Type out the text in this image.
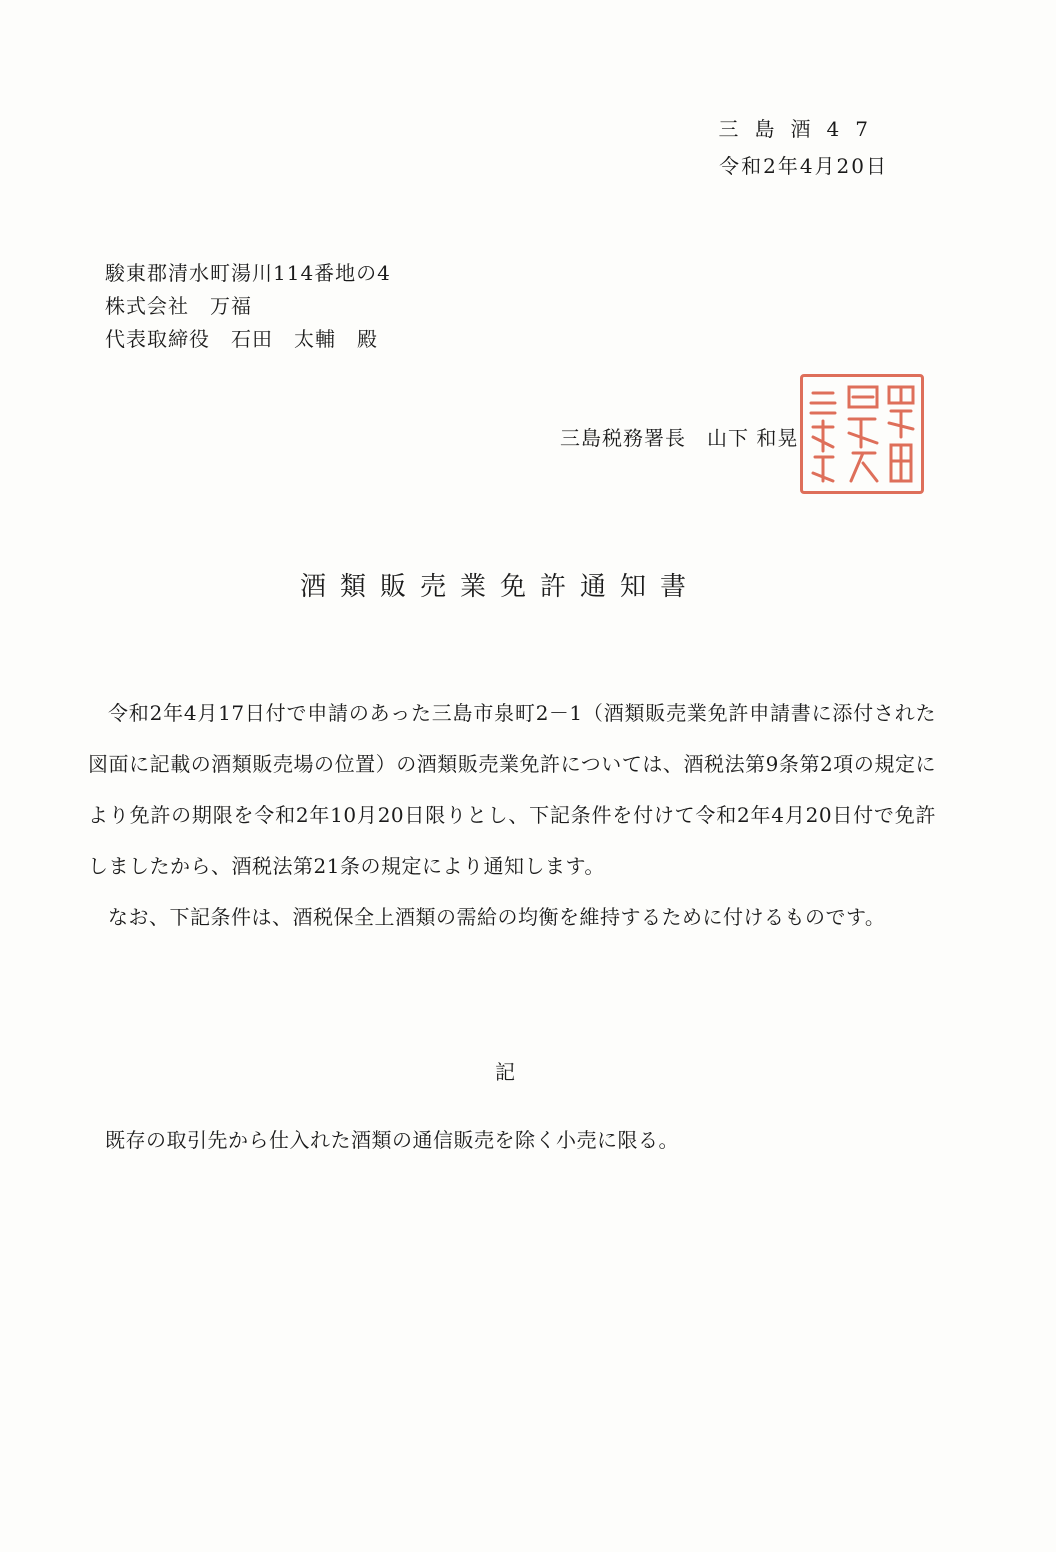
三島酒47
令和2年4月20日
駿東郡清水町湯川114番地の4
株式会社　万福
代表取締役　石田　太輔　殿
三島税務署長　山下 和晃
酒類販売業免許通知書

令和2年4月17日付で申請のあった三島市泉町2－1（酒類販売業免許申請書に添付された図面に記載の酒類販売場の位置）の酒類販売業免許については、酒税法第9条第2項の規定により免許の期限を令和2年10月20日限りとし、下記条件を付けて令和2年4月20日付で免許しましたから、酒税法第21条の規定により通知します。

なお、下記条件は、酒税保全上酒類の需給の均衡を維持するために付けるものです。

記
既存の取引先から仕入れた酒類の通信販売を除く小売に限る。
